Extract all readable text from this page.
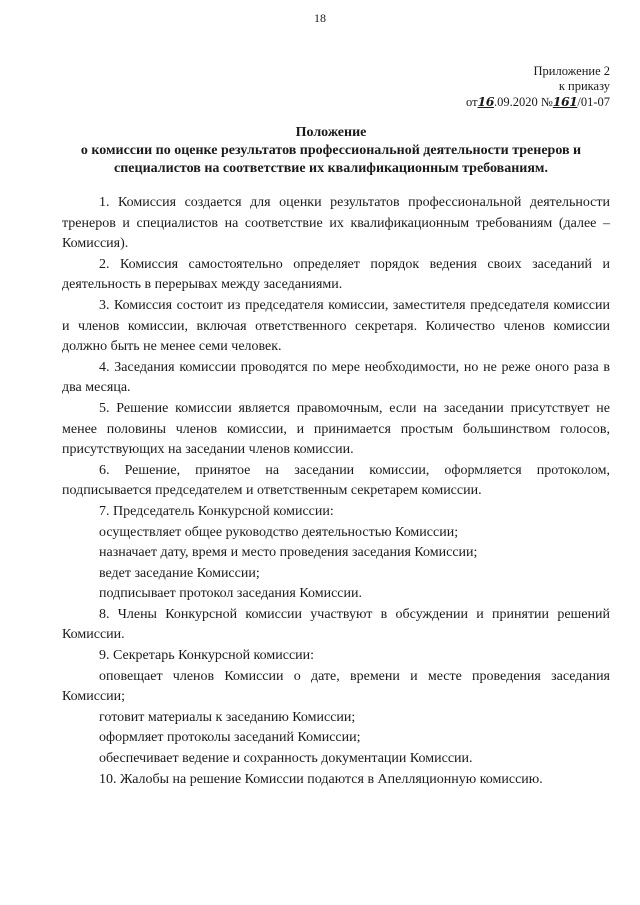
18
Приложение 2
к приказу
от16.09.2020 №161/01-07
Положение
о комиссии по оценке результатов профессиональной деятельности тренеров и специалистов на соответствие их квалификационным требованиям.

1. Комиссия создается для оценки результатов профессиональной деятельности тренеров и специалистов на соответствие их квалификационным требованиям (далее – Комиссия).

2. Комиссия самостоятельно определяет порядок ведения своих заседаний и деятельность в перерывах между заседаниями.

3. Комиссия состоит из председателя комиссии, заместителя председателя комиссии и членов комиссии, включая ответственного секретаря. Количество членов комиссии должно быть не менее семи человек.

4. Заседания комиссии проводятся по мере необходимости, но не реже оного раза в два месяца.

5. Решение комиссии является правомочным, если на заседании присутствует не менее половины членов комиссии, и принимается простым большинством голосов, присутствующих на заседании членов комиссии.

6. Решение, принятое на заседании комиссии, оформляется протоколом, подписывается председателем и ответственным секретарем комиссии.

7. Председатель Конкурсной комиссии:

осуществляет общее руководство деятельностью Комиссии;

назначает дату, время и место проведения заседания Комиссии;

ведет заседание Комиссии;

подписывает протокол заседания Комиссии.

8. Члены Конкурсной комиссии участвуют в обсуждении и принятии решений Комиссии.

9. Секретарь Конкурсной комиссии:

оповещает членов Комиссии о дате, времени и месте проведения заседания Комиссии;

готовит материалы к заседанию Комиссии;

оформляет протоколы заседаний Комиссии;

обеспечивает ведение и сохранность документации Комиссии.

10. Жалобы на решение Комиссии подаются в Апелляционную комиссию.
